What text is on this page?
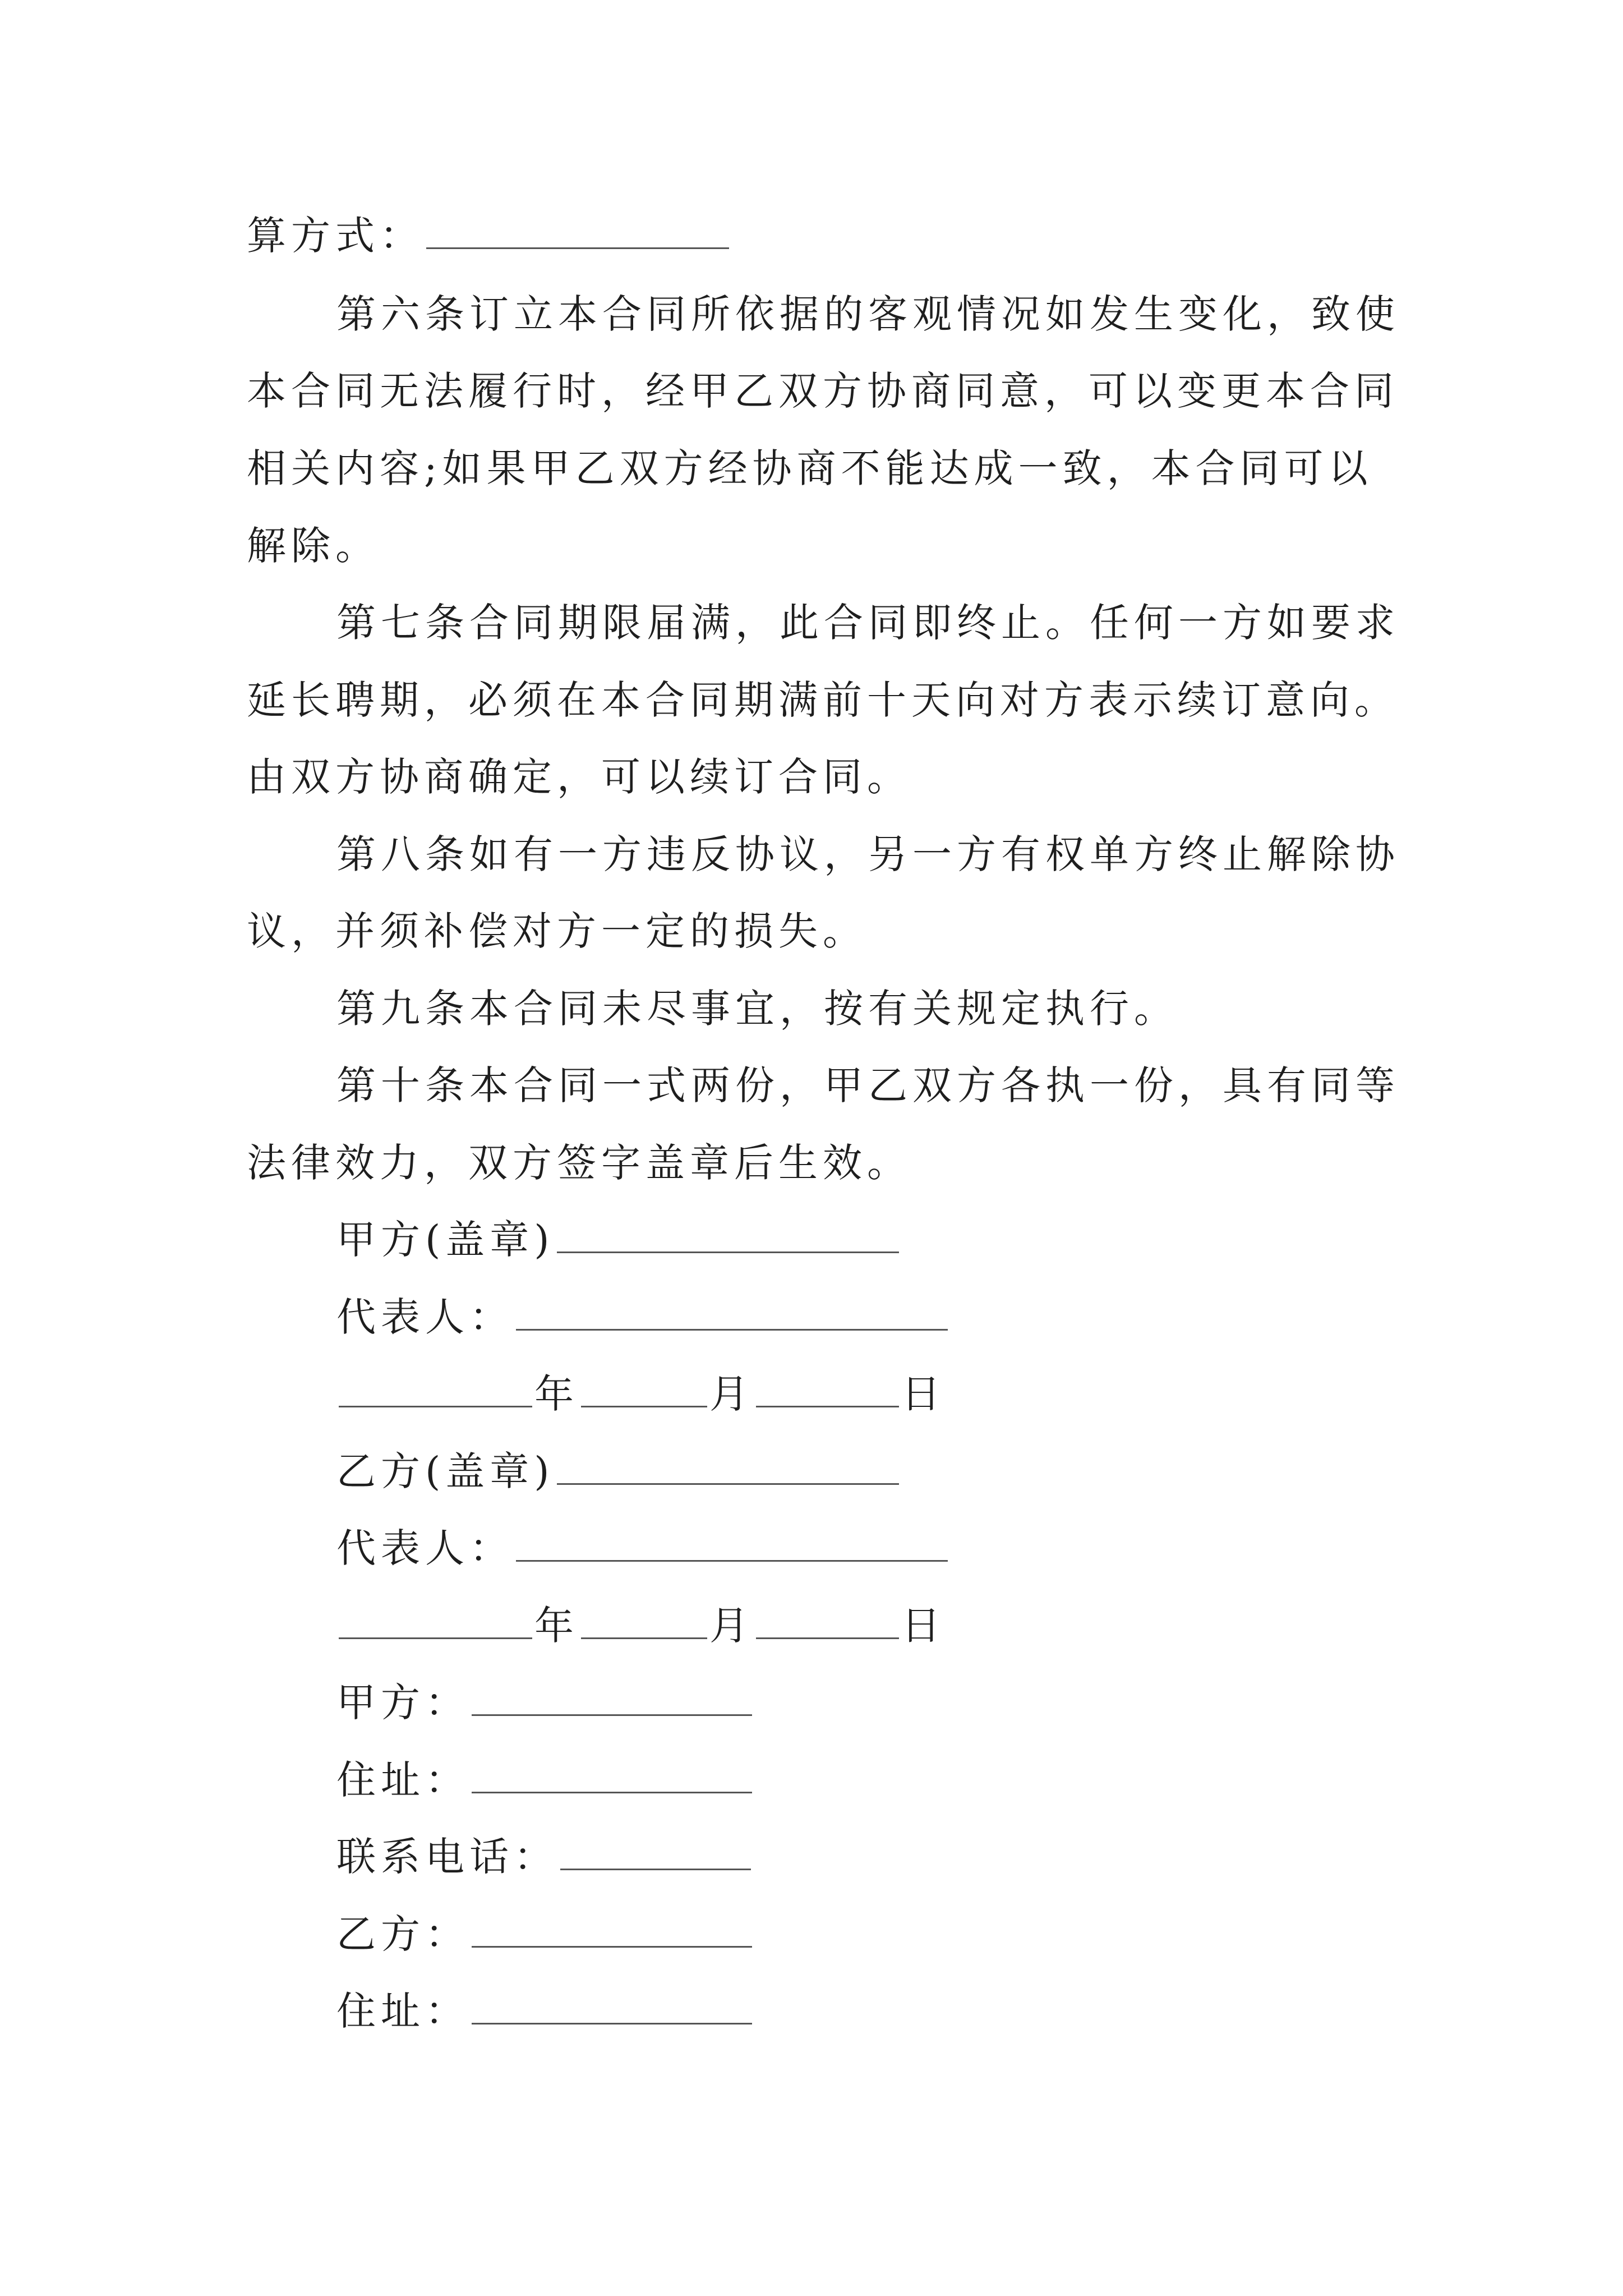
算方式：
第六条订立本合同所依据的客观情况如发生变化，致使
本合同无法履行时，经甲乙双方协商同意，可以变更本合同
相关内容;如果甲乙双方经协商不能达成一致，本合同可以
解除。
第七条合同期限届满，此合同即终止。任何一方如要求
延长聘期，必须在本合同期满前十天向对方表示续订意向。
由双方协商确定，可以续订合同。
第八条如有一方违反协议，另一方有权单方终止解除协
议，并须补偿对方一定的损失。
第九条本合同未尽事宜，按有关规定执行。
第十条本合同一式两份，甲乙双方各执一份，具有同等
法律效力，双方签字盖章后生效。
甲方(盖章)
代表人：
年	月	日
乙方(盖章)
代表人：
年	月	日
甲方：
住址：
联系电话：
乙方：
住址：
